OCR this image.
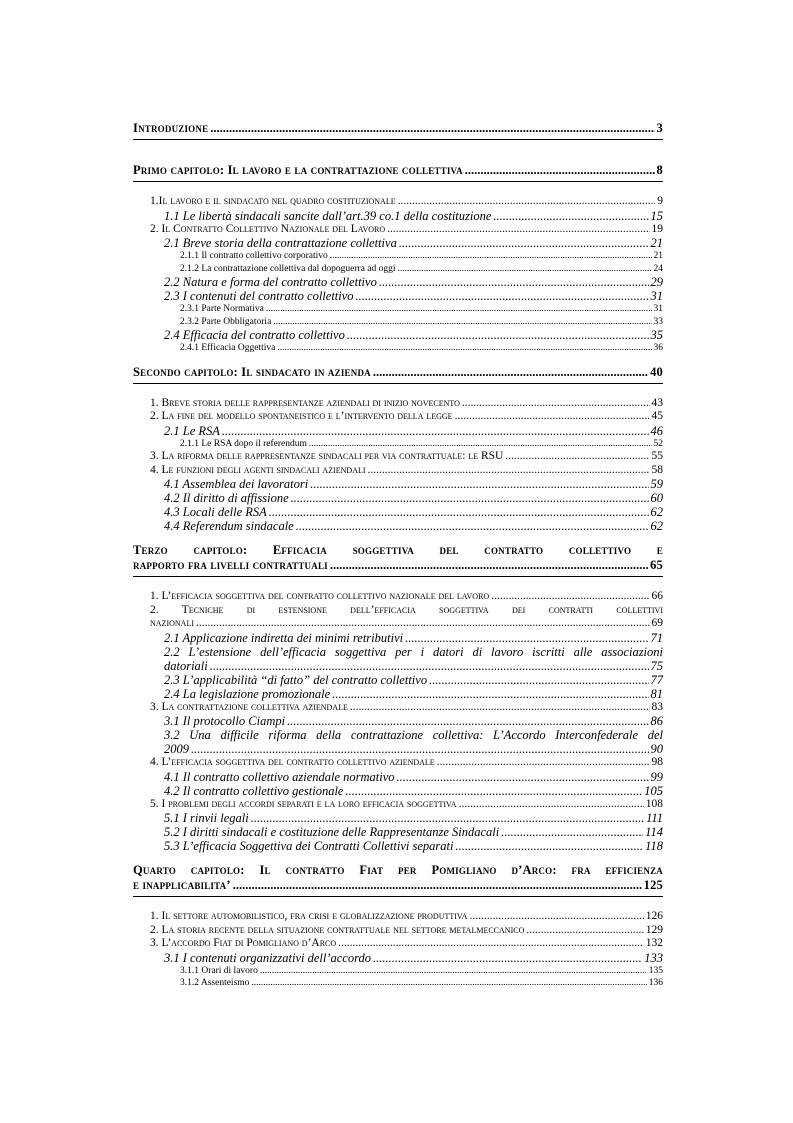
Introduzione .....	3
Primo capitolo: Il lavoro e la contrattazione collettiva .....	8
1.Il lavoro e il sindacato nel quadro costituzionale .....	9
1.1 Le libertà sindacali sancite dall’art.39 co.1 della costituzione .....	15
2. Il Contratto Collettivo Nazionale del Lavoro .....	19
2.1 Breve storia della contrattazione collettiva .....	21
2.1.1 Il contratto collettivo corporativo .....	21
2.1.2 La contrattazione collettiva dal dopoguerra ad oggi .....	24
2.2 Natura e forma del contratto collettivo .....	29
2.3 I contenuti del contratto collettivo .....	31
2.3.1 Parte Normativa .....	31
2.3.2 Parte Obbligatoria .....	33
2.4 Efficacia del contratto collettivo .....	35
2.4.1 Efficacia Oggettiva .....	36
Secondo capitolo: Il sindacato in azienda .....	40
1. Breve storia delle rappresentanze aziendali di inizio novecento .....	43
2. La fine del modello spontaneistico e l’intervento della legge .....	45
2.1 Le RSA .....	46
2.1.1 Le RSA dopo il referendum .....	52
3. La riforma delle rappresentanze sindacali per via contrattuale: le RSU .....	55
4. Le funzioni degli agenti sindacali aziendali .....	58
4.1 Assemblea dei lavoratori .....	59
4.2 Il diritto di affissione .....	60
4.3 Locali delle RSA .....	62
4.4 Referendum sindacale .....	62
Terzo capitolo: Efficacia soggettiva del contratto collettivo e
rapporto fra livelli contrattuali .....	65
1. L’efficacia soggettiva del contratto collettivo nazionale del lavoro .....	66
2. Tecniche di estensione dell’efficacia soggettiva dei contratti collettivi
nazionali .....	69
2.1 Applicazione indiretta dei minimi retributivi .....	71
2.2 L’estensione dell’efficacia soggettiva per i datori di lavoro iscritti alle associazioni
datoriali .....	75
2.3 L’applicabilità “di fatto” del contratto collettivo .....	77
2.4 La legislazione promozionale .....	81
3. La contrattazione collettiva aziendale .....	83
3.1 Il protocollo Ciampi .....	86
3.2 Una difficile riforma della contrattazione collettiva: L’Accordo Interconfederale del
2009 .....	90
4. L’efficacia soggettiva del contratto collettivo aziendale .....	98
4.1 Il contratto collettivo aziendale normativo .....	99
4.2 Il contratto collettivo gestionale .....	105
5. I problemi degli accordi separati e la loro efficacia soggettiva .....	108
5.1 I rinvii legali .....	111
5.2 I diritti sindacali e costituzione delle Rappresentanze Sindacali .....	114
5.3 L’efficacia Soggettiva dei Contratti Collettivi separati .....	118
Quarto capitolo: Il contratto Fiat per Pomigliano d’Arco: fra efficienza
e inapplicabilita’ .....	125
1. Il settore automobilistico, fra crisi e globalizzazione produttiva .....	126
2. La storia recente della situazione contrattuale nel settore metalmeccanico .....	129
3. L’accordo Fiat di Pomigliano d’Arco .....	132
3.1 I contenuti organizzativi dell’accordo .....	133
3.1.1 Orari di lavoro .....	135
3.1.2 Assenteismo .....	136
